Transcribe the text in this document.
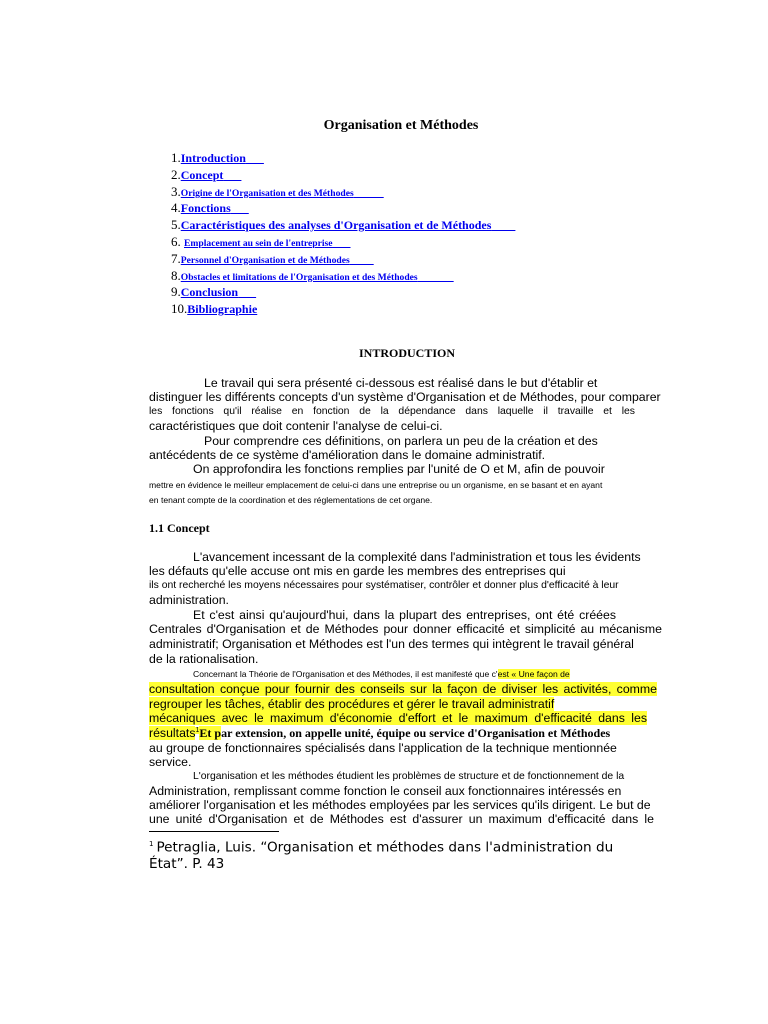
Organisation et Méthodes
1.Introduction
2.Concept
3.Origine de l'Organisation et des Méthodes
4.Fonctions
5.Caractéristiques des analyses d'Organisation et de Méthodes
6. Emplacement au sein de l'entreprise
7.Personnel d'Organisation et de Méthodes
8.Obstacles et limitations de l'Organisation et des Méthodes
9.Conclusion
10.Bibliographie
INTRODUCTION
Le travail qui sera présenté ci-dessous est réalisé dans le but d'établir et
distinguer les différents concepts d'un système d'Organisation et de Méthodes, pour comparer
les fonctions qu'il réalise en fonction de la dépendance dans laquelle il travaille et les
caractéristiques que doit contenir l'analyse de celui-ci.
Pour comprendre ces définitions, on parlera un peu de la création et des
antécédents de ce système d'amélioration dans le domaine administratif.
On approfondira les fonctions remplies par l'unité de O et M, afin de pouvoir
mettre en évidence le meilleur emplacement de celui-ci dans une entreprise ou un organisme, en se basant et en ayant
en tenant compte de la coordination et des réglementations de cet organe.
1.1 Concept
L'avancement incessant de la complexité dans l'administration et tous les évidents
les défauts qu'elle accuse ont mis en garde les membres des entreprises qui
ils ont recherché les moyens nécessaires pour systématiser, contrôler et donner plus d'efficacité à leur
administration.
Et c'est ainsi qu'aujourd'hui, dans la plupart des entreprises, ont été créées
Centrales d'Organisation et de Méthodes pour donner efficacité et simplicité au mécanisme
administratif; Organisation et Méthodes est l'un des termes qui intègrent le travail général
de la rationalisation.
Concernant la Théorie de l'Organisation et des Méthodes, il est manifesté que c'est « Une façon de
consultation conçue pour fournir des conseils sur la façon de diviser les activités, comme
regrouper les tâches, établir des procédures et gérer le travail administratif
mécaniques avec le maximum d'économie d'effort et le maximum d'efficacité dans les
résultats$^1$Et par extension, on appelle unité, équipe ou service d'Organisation et Méthodes
au groupe de fonctionnaires spécialisés dans l'application de la technique mentionnée
service.
L'organisation et les méthodes étudient les problèmes de structure et de fonctionnement de la
Administration, remplissant comme fonction le conseil aux fonctionnaires intéressés en
améliorer l'organisation et les méthodes employées par les services qu'ils dirigent. Le but de
une unité d'Organisation et de Méthodes est d'assurer un maximum d'efficacité dans le
$^1$ Petraglia, Luis. “Organisation et méthodes dans l'administration du État”. P. 43
